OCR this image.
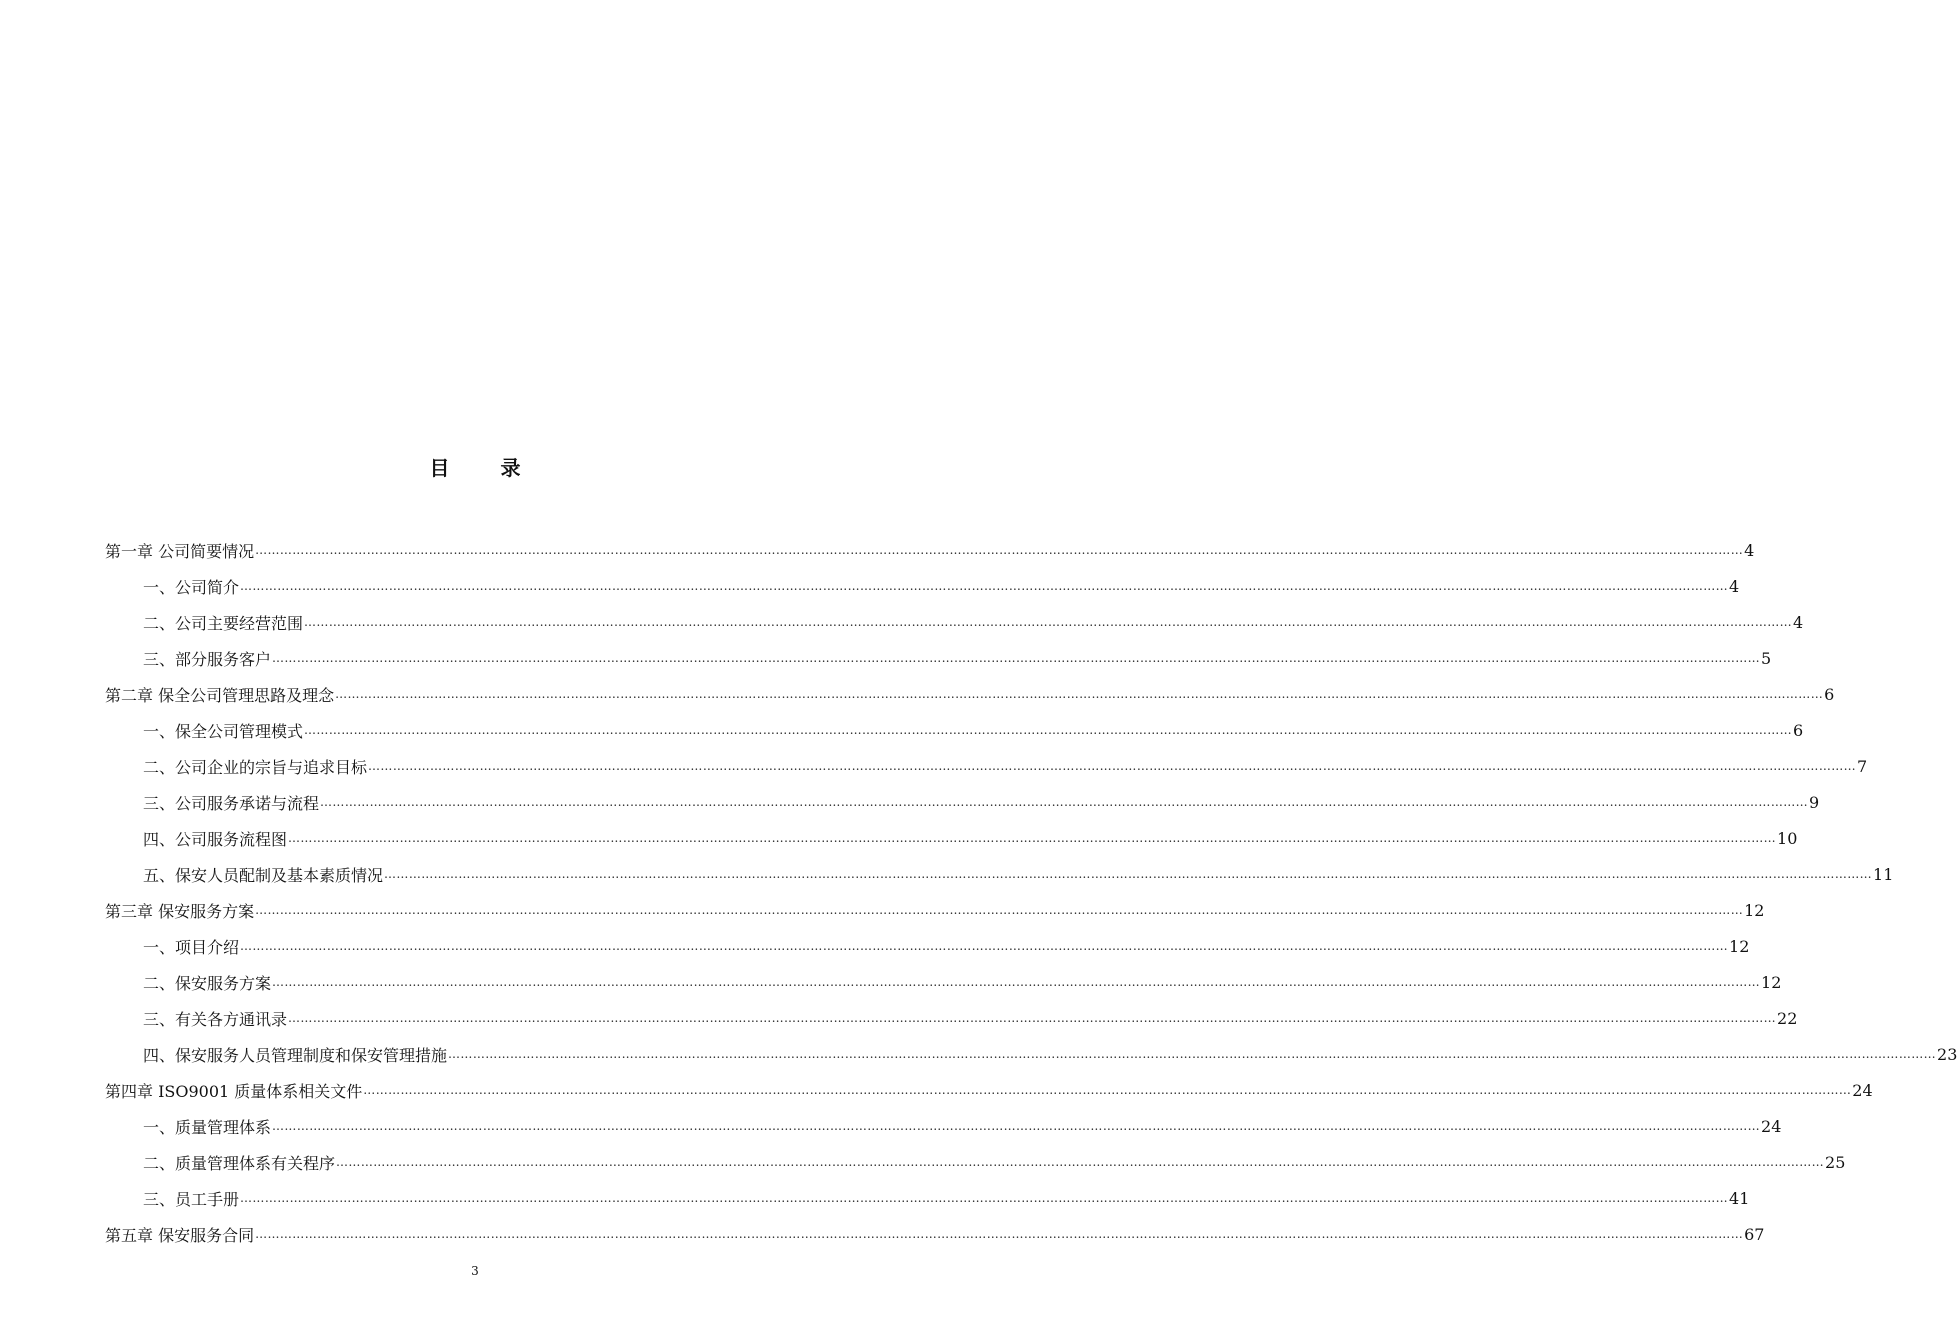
目 录
第一章 公司简要情况 ……………………………………………………………………………………………………………………………………………………………………………………………………………………………………………………………………………………………………………………………… 4
一、公司简介 ……………………………………………………………………………………………………………………………………………………………………………………………………………………………………………………………………………………………………………………………… 4
二、公司主要经营范围 ……………………………………………………………………………………………………………………………………………………………………………………………………………………………………………………………………………………………………………………………… 4
三、部分服务客户 ……………………………………………………………………………………………………………………………………………………………………………………………………………………………………………………………………………………………………………………………… 5
第二章 保全公司管理思路及理念 ……………………………………………………………………………………………………………………………………………………………………………………………………………………………………………………………………………………………………………………………… 6
一、保全公司管理模式 ……………………………………………………………………………………………………………………………………………………………………………………………………………………………………………………………………………………………………………………………… 6
二、公司企业的宗旨与追求目标 ……………………………………………………………………………………………………………………………………………………………………………………………………………………………………………………………………………………………………………………………… 7
三、公司服务承诺与流程 ……………………………………………………………………………………………………………………………………………………………………………………………………………………………………………………………………………………………………………………………… 9
四、公司服务流程图 ……………………………………………………………………………………………………………………………………………………………………………………………………………………………………………………………………………………………………………………………… 10
五、保安人员配制及基本素质情况 ……………………………………………………………………………………………………………………………………………………………………………………………………………………………………………………………………………………………………………………………… 11
第三章 保安服务方案 ……………………………………………………………………………………………………………………………………………………………………………………………………………………………………………………………………………………………………………………………… 12
一、项目介绍 ……………………………………………………………………………………………………………………………………………………………………………………………………………………………………………………………………………………………………………………………… 12
二、保安服务方案 ……………………………………………………………………………………………………………………………………………………………………………………………………………………………………………………………………………………………………………………………… 12
三、有关各方通讯录 ……………………………………………………………………………………………………………………………………………………………………………………………………………………………………………………………………………………………………………………………… 22
四、保安服务人员管理制度和保安管理措施 ……………………………………………………………………………………………………………………………………………………………………………………………………………………………………………………………………………………………………………………………… 23
第四章 ISO9001 质量体系相关文件 ……………………………………………………………………………………………………………………………………………………………………………………………………………………………………………………………………………………………………………………………… 24
一、质量管理体系 ……………………………………………………………………………………………………………………………………………………………………………………………………………………………………………………………………………………………………………………………… 24
二、质量管理体系有关程序 ……………………………………………………………………………………………………………………………………………………………………………………………………………………………………………………………………………………………………………………………… 25
三、员工手册 ……………………………………………………………………………………………………………………………………………………………………………………………………………………………………………………………………………………………………………………………… 41
第五章 保安服务合同 ……………………………………………………………………………………………………………………………………………………………………………………………………………………………………………………………………………………………………………………………… 67
3
